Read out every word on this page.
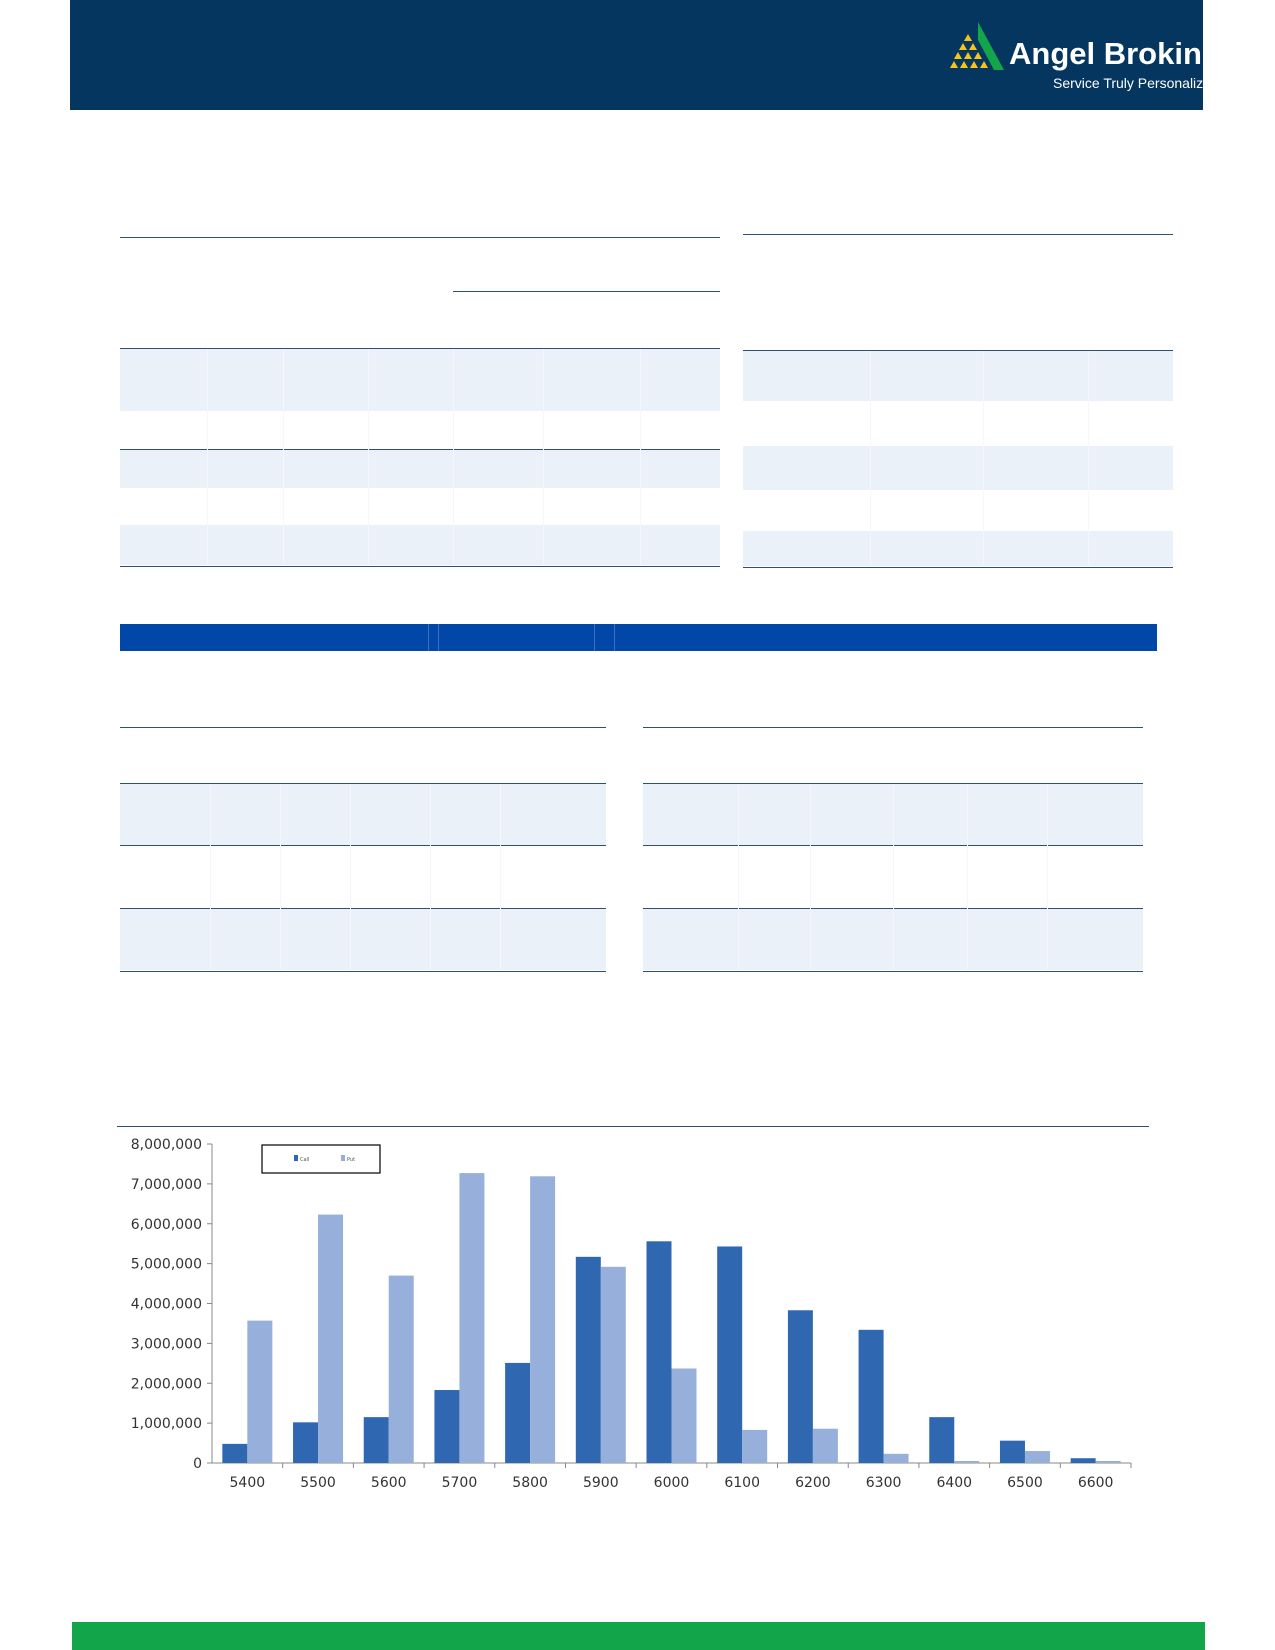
Angel Broking™
Service Truly Personalized
8,000,000
7,000,000
6,000,000
5,000,000
4,000,000
3,000,000
2,000,000
1,000,000
0
5400	5500	5600	5700	5800	5900	6000	6100	6200	6300	6400	6500	6600
Call	Put
